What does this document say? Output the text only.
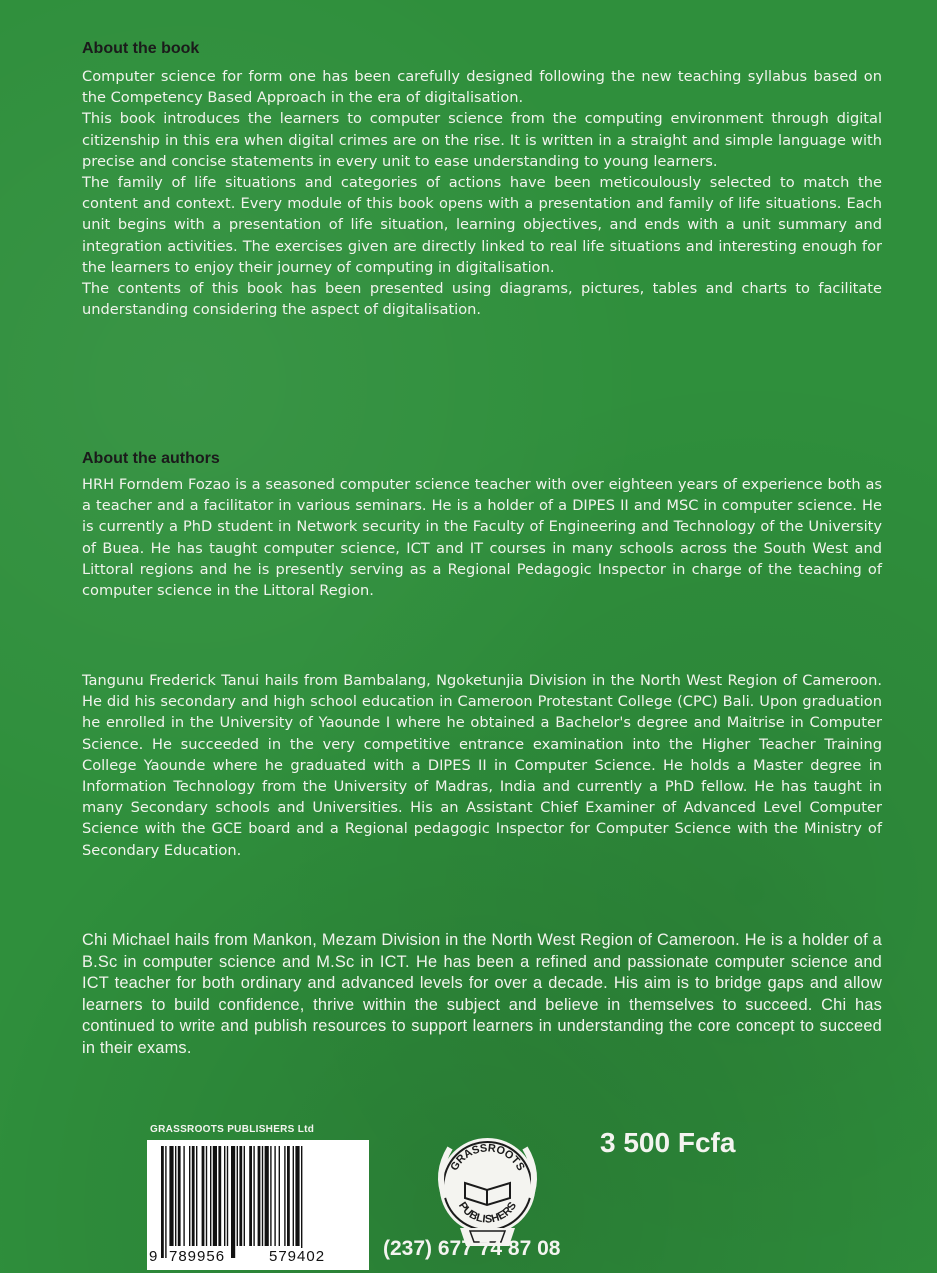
About the book

Computer science for form one has been carefully designed following the new teaching syllabus based on the Competency Based Approach in the era of digitalisation.

This book introduces the learners to computer science from the computing environment through digital citizenship in this era when digital crimes are on the rise. It is written in a straight and simple language with precise and concise statements in every unit to ease understanding to young learners.

The family of life situations and categories of actions have been meticoulously selected to match the content and context. Every module of this book opens with a presentation and family of life situations. Each unit begins with a presentation of life situation, learning objectives, and ends with a unit summary and integration activities. The exercises given are directly linked to real life situations and interesting enough for the learners to enjoy their journey of computing in digitalisation.

The contents of this book has been presented using diagrams, pictures, tables and charts to facilitate understanding considering the aspect of digitalisation.

About the authors
HRH Forndem Fozao is a seasoned computer science teacher with over eighteen years of experience both as a teacher and a facilitator in various seminars. He is a holder of a DIPES II and MSC in computer science. He is currently a PhD student in Network security in the Faculty of Engineering and Technology of the University of Buea. He has taught computer science, ICT and IT courses in many schools across the South West and Littoral regions and he is presently serving as a Regional Pedagogic Inspector in charge of the teaching of computer science in the Littoral Region.
Tangunu Frederick Tanui hails from Bambalang, Ngoketunjia Division in the North West Region of Cameroon. He did his secondary and high school education in Cameroon Protestant College (CPC) Bali. Upon graduation he enrolled in the University of Yaounde I where he obtained a Bachelor's degree and Maitrise in Computer Science. He succeeded in the very competitive entrance examination into the Higher Teacher Training College Yaounde where he graduated with a DIPES II in Computer Science. He holds a Master degree in Information Technology from the University of Madras, India and currently a PhD fellow. He has taught in many Secondary schools and Universities. His an Assistant Chief Examiner of Advanced Level Computer Science with the GCE board and a Regional pedagogic Inspector for Computer Science with the Ministry of Secondary Education.
Chi Michael hails from Mankon, Mezam Division in the North West Region of Cameroon. He is a holder of a B.Sc in computer science and M.Sc in ICT. He has been a refined and passionate computer science and ICT teacher for both ordinary and advanced levels for over a decade. His aim is to bridge gaps and allow learners to build confidence, thrive within the subject and believe in themselves to succeed. Chi has continued to write and publish resources to support learners in understanding the core concept to succeed in their exams.
GRASSROOTS PUBLISHERS Ltd
9 789956	579402
GRASSROOTS
PUBLISHERS
3 500 Fcfa
(237) 677 74 87 08
